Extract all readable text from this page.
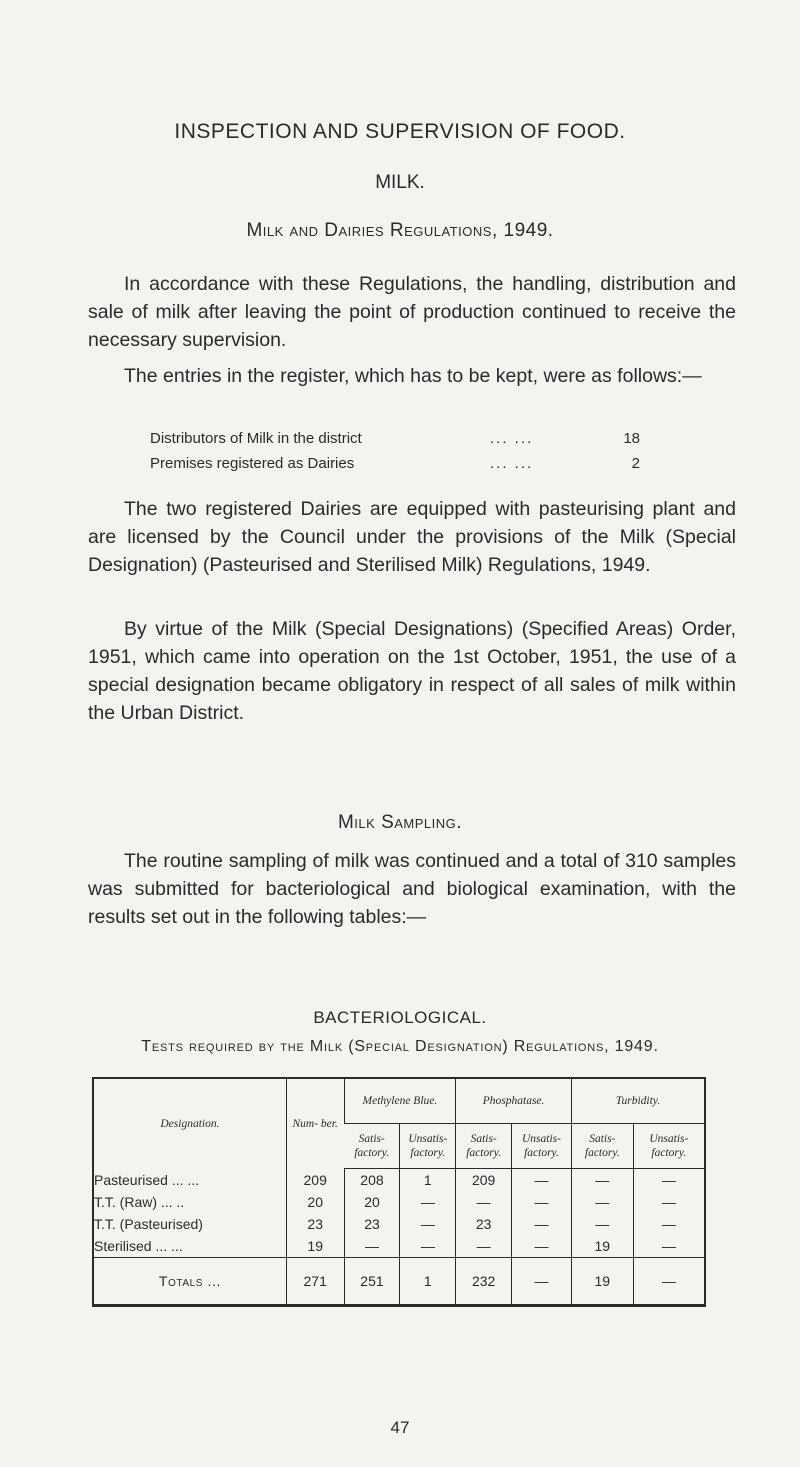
INSPECTION AND SUPERVISION OF FOOD.
MILK.
Milk and Dairies Regulations, 1949.
In accordance with these Regulations, the handling, distribution and sale of milk after leaving the point of production continued to receive the necessary supervision.
The entries in the register, which has to be kept, were as follows:—
Distributors of Milk in the district	... ...	18
Premises registered as Dairies	... ...	2
The two registered Dairies are equipped with pasteurising plant and are licensed by the Council under the provisions of the Milk (Special Designation) (Pasteurised and Sterilised Milk) Regulations, 1949.
By virtue of the Milk (Special Designations) (Specified Areas) Order, 1951, which came into operation on the 1st October, 1951, the use of a special designation became obligatory in respect of all sales of milk within the Urban District.
Milk Sampling.
The routine sampling of milk was continued and a total of 310 samples was submitted for bacteriological and biological examination, with the results set out in the following tables:—
BACTERIOLOGICAL.
Tests required by the Milk (Special Designation) Regulations, 1949.
Designation.	Num- ber.	Methylene Blue.		Phosphatase.		Turbidity.	
		Satis- factory.	Unsatis- factory.	Satis- factory.	Unsatis- factory.	Satis- factory.	Unsatis- factory.
Pasteurised ... ...	209	208	1	209	—	—	—
T.T. (Raw) ... ..	20	20	—	—	—	—	—
T.T. (Pasteurised)	23	23	—	23	—	—	—
Sterilised ... ...	19	—	—	—	—	19	—
Totals ...	271	251	1	232	—	19	—
47
